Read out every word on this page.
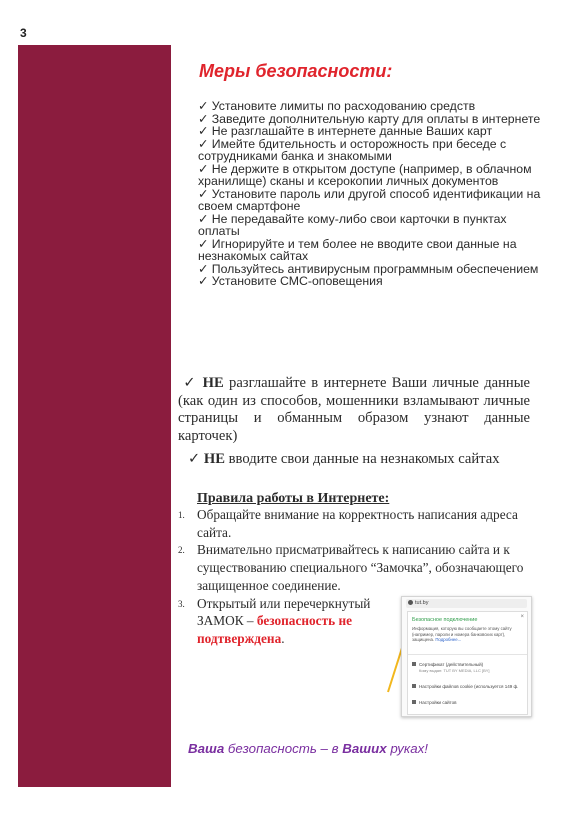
3
Меры безопасности:
✓ Установите лимиты по расходованию средств
✓ Заведите дополнительную карту для оплаты в интернете
✓ Не разглашайте в интернете данные Ваших карт
✓ Имейте бдительность и осторожность при беседе с сотрудниками банка и знакомыми
✓ Не держите в открытом доступе (например, в облачном хранилище) сканы и ксерокопии личных документов
✓ Установите пароль или другой способ идентификации на своем смартфоне
✓ Не передавайте кому-либо свои карточки в пунктах оплаты
✓ Игнорируйте и тем более не вводите свои данные на незнакомых сайтах
✓ Пользуйтесь антивирусным программным обеспечением
✓ Установите СМС-оповещения
✓ НЕ разглашайте в интернете Ваши личные данные (как один из способов, мошенники взламывают личные страницы и обманным образом узнают данные карточек)
✓ НЕ вводите свои данные на незнакомых сайтах
Правила работы в Интернете:
1. Обращайте внимание на корректность написания адреса сайта.
2. Внимательно присматривайтесь к написанию сайта и к существованию специального “Замочка”, обозначающего защищенное соединение.
3. Открытый или перечеркнутый ЗАМОК – безопасность не подтверждена.
tut.by
×
Безопасное подключение
Информация, которую вы сообщаете этому сайту (например, пароли и номера банковских карт), защищена. Подробнее...
Сертификат (действительный)
Кому выдан: TUT BY MEDIA, LLC [BY]
Настройки файлов cookie (используется 149 ф.
Настройки сайтов
Ваша безопасность – в Ваших руках!
